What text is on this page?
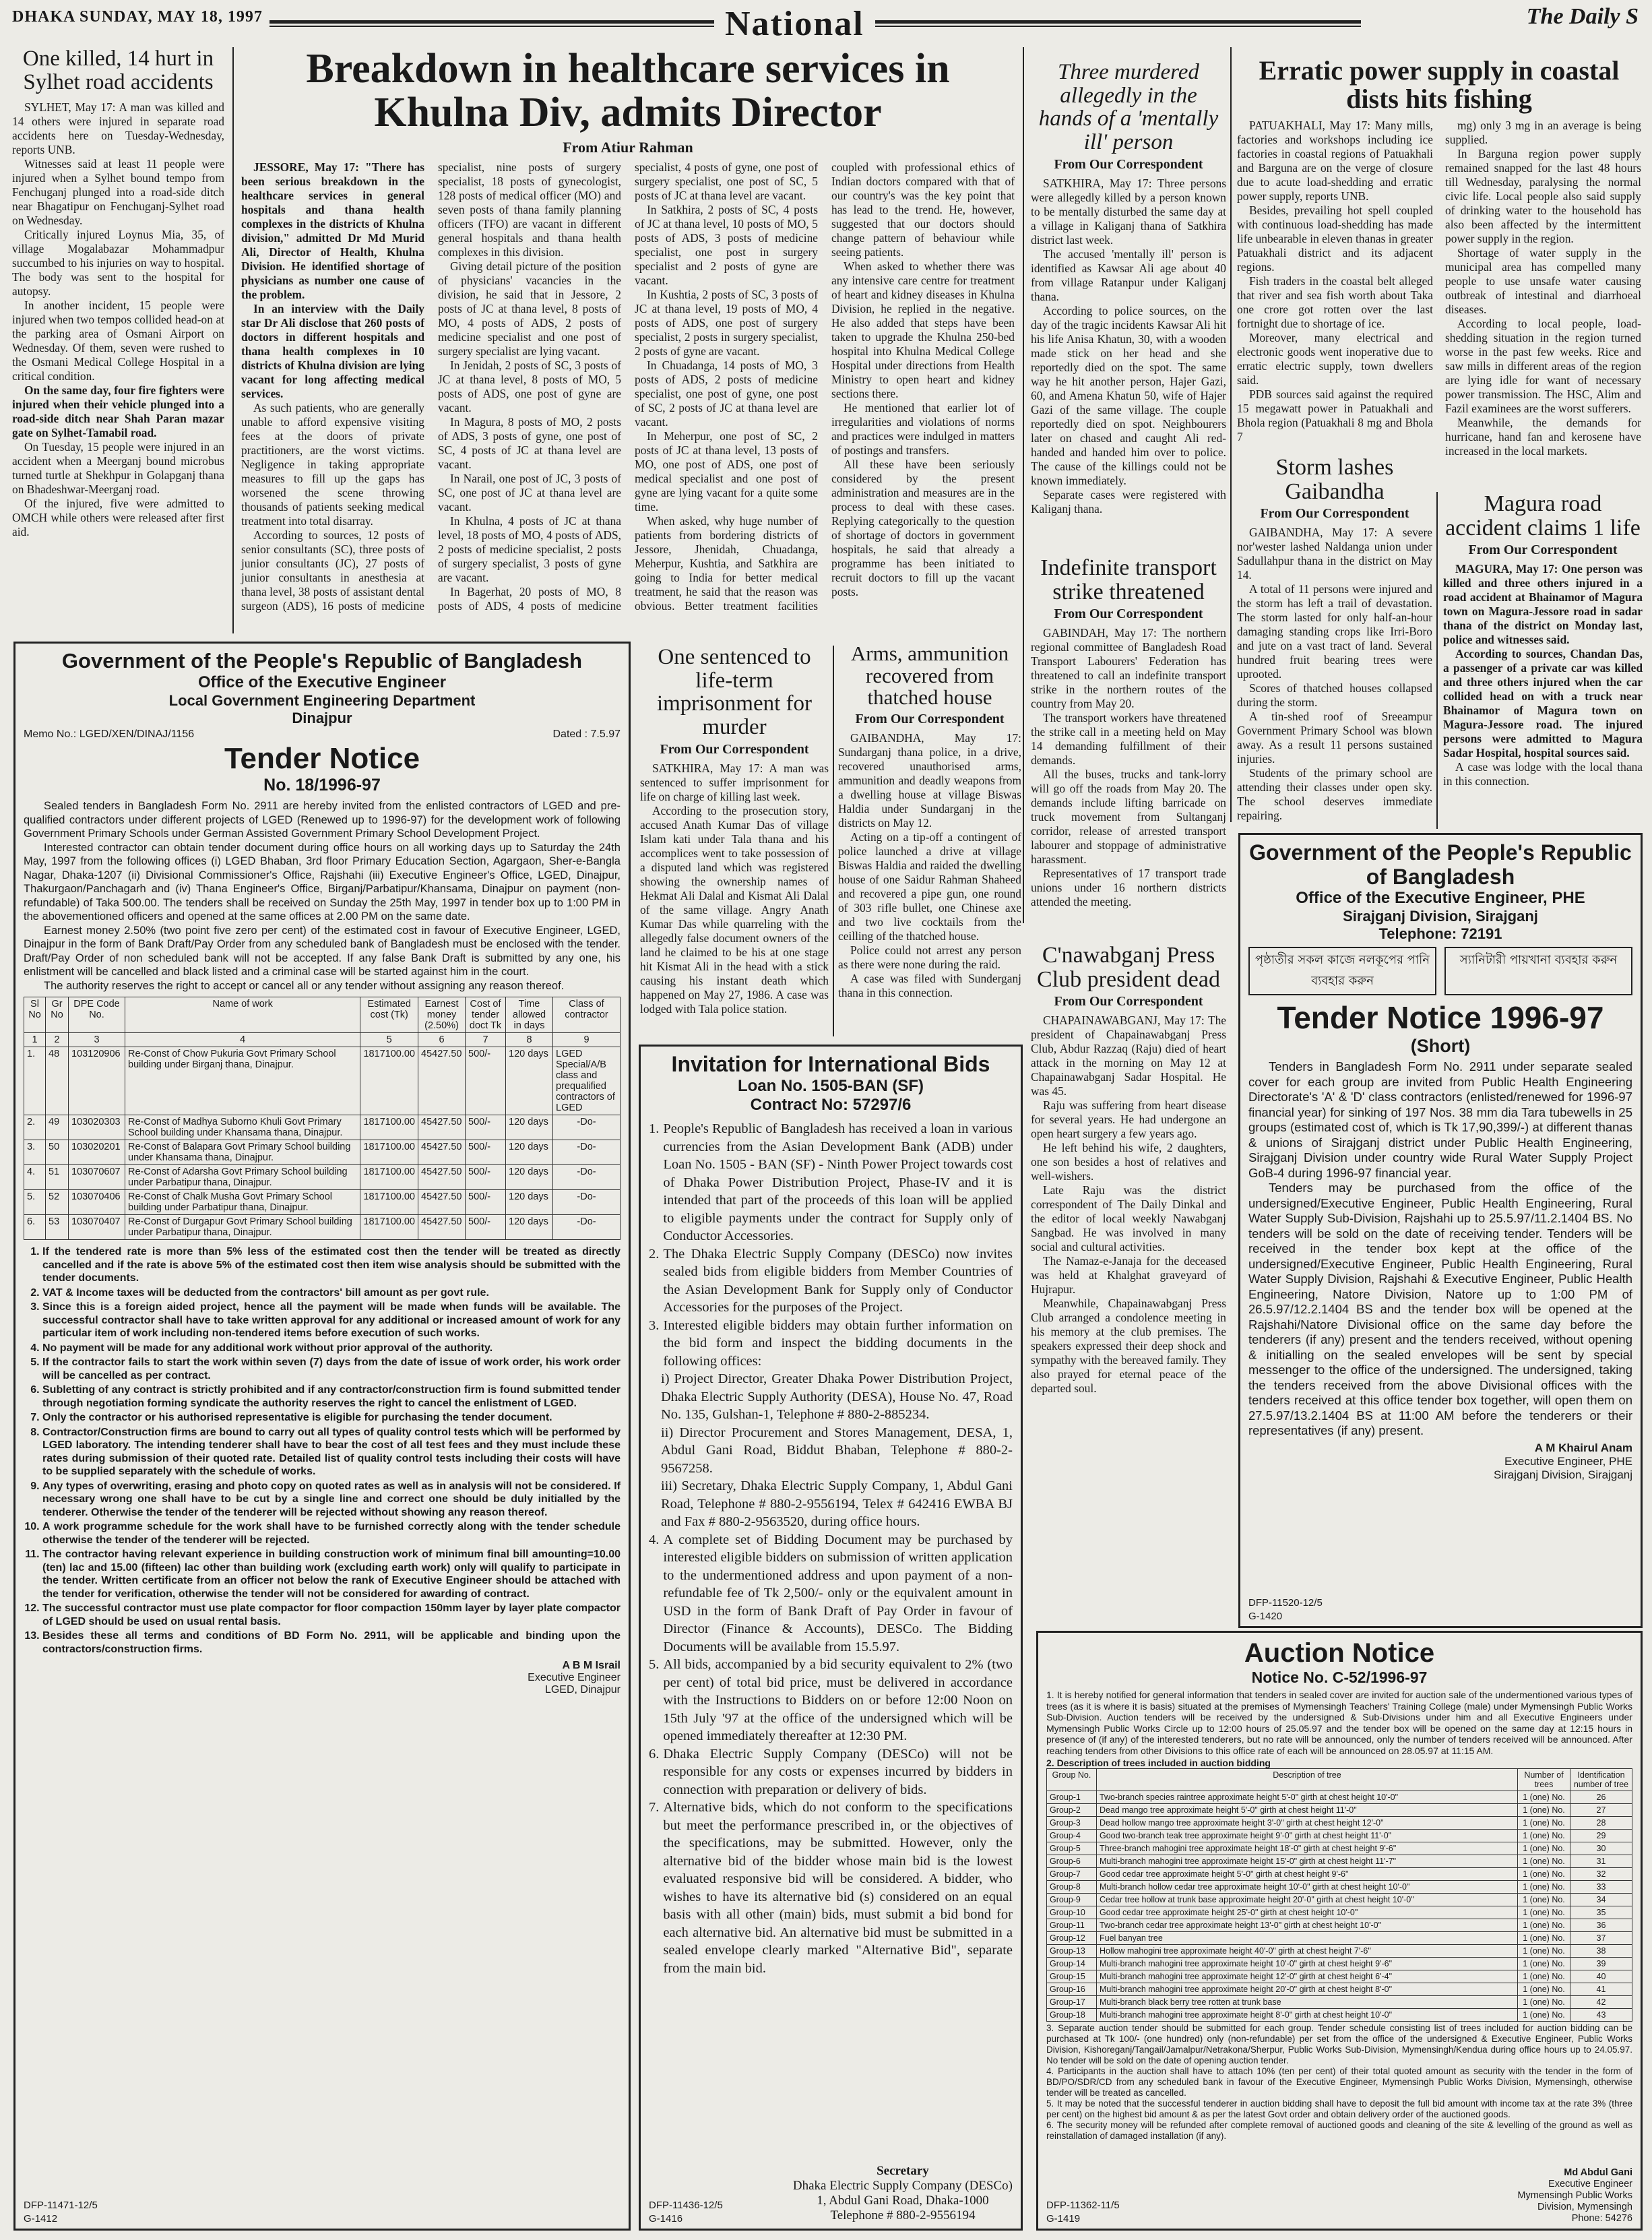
DHAKA SUNDAY, MAY 18, 1997	National	The Daily S
One killed, 14 hurt in Sylhet road accidents

SYLHET, May 17: A man was killed and 14 others were injured in separate road accidents here on Tuesday-Wednesday, reports UNB.

Witnesses said at least 11 people were injured when a Sylhet bound tempo from Fenchuganj plunged into a road-side ditch near Bhagatipur on Fenchuganj-Sylhet road on Wednesday.

Critically injured Loynus Mia, 35, of village Mogalabazar Mohammadpur succumbed to his injuries on way to hospital. The body was sent to the hospital for autopsy.

In another incident, 15 people were injured when two tempos collided head-on at the parking area of Osmani Airport on Wednesday. Of them, seven were rushed to the Osmani Medical College Hospital in a critical condition.

On the same day, four fire fighters were injured when their vehicle plunged into a road-side ditch near Shah Paran mazar gate on Sylhet-Tamabil road.

On Tuesday, 15 people were injured in an accident when a Meerganj bound microbus turned turtle at Shekhpur in Golapganj thana on Bhadeshwar-Meerganj road.

Of the injured, five were admitted to OMCH while others were released after first aid.

Breakdown in healthcare services in Khulna Div, admits Director
From Atiur Rahman

JESSORE, May 17: "There has been serious breakdown in the healthcare services in general hospitals and thana health complexes in the districts of Khulna division," admitted Dr Md Murid Ali, Director of Health, Khulna Division. He identified shortage of physicians as number one cause of the problem.

In an interview with the Daily star Dr Ali disclose that 260 posts of doctors in different hospitals and thana health complexes in 10 districts of Khulna division are lying vacant for long affecting medical services.

As such patients, who are generally unable to afford expensive visiting fees at the doors of private practitioners, are the worst victims. Negligence in taking appropriate measures to fill up the gaps has worsened the scene throwing thousands of patients seeking medical treatment into total disarray.

According to sources, 12 posts of senior consultants (SC), three posts of junior consultants (JC), 27 posts of junior consultants in anesthesia at thana level, 38 posts of assistant dental surgeon (ADS), 16 posts of medicine specialist, nine posts of surgery specialist, 18 posts of gynecologist, 128 posts of medical officer (MO) and seven posts of thana family planning officers (TFO) are vacant in different general hospitals and thana health complexes in this division.

Giving detail picture of the position of physicians' vacancies in the division, he said that in Jessore, 2 posts of JC at thana level, 8 posts of MO, 4 posts of ADS, 2 posts of medicine specialist and one post of surgery specialist are lying vacant.

In Jenidah, 2 posts of SC, 3 posts of JC at thana level, 8 posts of MO, 5 posts of ADS, one post of gyne are vacant.

In Magura, 8 posts of MO, 2 posts of ADS, 3 posts of gyne, one post of SC, 4 posts of JC at thana level are vacant.

In Narail, one post of JC, 3 posts of SC, one post of JC at thana level are vacant.

In Khulna, 4 posts of JC at thana level, 18 posts of MO, 4 posts of ADS, 2 posts of medicine specialist, 2 posts of surgery specialist, 3 posts of gyne are vacant.

In Bagerhat, 20 posts of MO, 8 posts of ADS, 4 posts of medicine specialist, 4 posts of gyne, one post of surgery specialist, one post of SC, 5 posts of JC at thana level are vacant.

In Satkhira, 2 posts of SC, 4 posts of JC at thana level, 10 posts of MO, 5 posts of ADS, 3 posts of medicine specialist, one post in surgery specialist and 2 posts of gyne are vacant.

In Kushtia, 2 posts of SC, 3 posts of JC at thana level, 19 posts of MO, 4 posts of ADS, one post of surgery specialist, 2 posts in surgery specialist, 2 posts of gyne are vacant.

In Chuadanga, 14 posts of MO, 3 posts of ADS, 2 posts of medicine specialist, one post of gyne, one post of SC, 2 posts of JC at thana level are vacant.

In Meherpur, one post of SC, 2 posts of JC at thana level, 13 posts of MO, one post of ADS, one post of medical specialist and one post of gyne are lying vacant for a quite some time.

When asked, why huge number of patients from bordering districts of Jessore, Jhenidah, Chuadanga, Meherpur, Kushtia, and Satkhira are going to India for better medical treatment, he said that the reason was obvious. Better treatment facilities coupled with professional ethics of Indian doctors compared with that of our country's was the key point that has lead to the trend. He, however, suggested that our doctors should change pattern of behaviour while seeing patients.

When asked to whether there was any intensive care centre for treatment of heart and kidney diseases in Khulna Division, he replied in the negative. He also added that steps have been taken to upgrade the Khulna 250-bed hospital into Khulna Medical College Hospital under directions from Health Ministry to open heart and kidney sections there.

He mentioned that earlier lot of irregularities and violations of norms and practices were indulged in matters of postings and transfers.

All these have been seriously considered by the present administration and measures are in the process to deal with these cases. Replying categorically to the question of shortage of doctors in government hospitals, he said that already a programme has been initiated to recruit doctors to fill up the vacant posts.

Three murdered allegedly in the hands of a 'mentally ill' person
From Our Correspondent

SATKHIRA, May 17: Three persons were allegedly killed by a person known to be mentally disturbed the same day at a village in Kaliganj thana of Satkhira district last week.

The accused 'mentally ill' person is identified as Kawsar Ali age about 40 from village Ratanpur under Kaliganj thana.

According to police sources, on the day of the tragic incidents Kawsar Ali hit his life Anisa Khatun, 30, with a wooden made stick on her head and she reportedly died on the spot. The same way he hit another person, Hajer Gazi, 60, and Amena Khatun 50, wife of Hajer Gazi of the same village. The couple reportedly died on spot. Neighbourers later on chased and caught Ali red-handed and handed him over to police. The cause of the killings could not be known immediately.

Separate cases were registered with Kaliganj thana.

Erratic power supply in coastal dists hits fishing

PATUAKHALI, May 17: Many mills, factories and workshops including ice factories in coastal regions of Patuakhali and Barguna are on the verge of closure due to acute load-shedding and erratic power supply, reports UNB.

Besides, prevailing hot spell coupled with continuous load-shedding has made life unbearable in eleven thanas in greater Patuakhali district and its adjacent regions.

Fish traders in the coastal belt alleged that river and sea fish worth about Taka one crore got rotten over the last fortnight due to shortage of ice.

Moreover, many electrical and electronic goods went inoperative due to erratic electric supply, town dwellers said.

PDB sources said against the required 15 megawatt power in Patuakhali and Bhola region (Patuakhali 8 mg and Bhola 7

mg) only 3 mg in an average is being supplied.

In Barguna region power supply remained snapped for the last 48 hours till Wednesday, paralysing the normal civic life. Local people also said supply of drinking water to the household has also been affected by the intermittent power supply in the region.

Shortage of water supply in the municipal area has compelled many people to use unsafe water causing outbreak of intestinal and diarrhoeal diseases.

According to local people, load-shedding situation in the region turned worse in the past few weeks. Rice and saw mills in different areas of the region are lying idle for want of necessary power transmission. The HSC, Alim and Fazil examinees are the worst sufferers.

Meanwhile, the demands for hurricane, hand fan and kerosene have increased in the local markets.

Storm lashes Gaibandha
From Our Correspondent

GAIBANDHA, May 17: A severe nor'wester lashed Naldanga union under Sadullahpur thana in the district on May 14.

A total of 11 persons were injured and the storm has left a trail of devastation. The storm lasted for only half-an-hour damaging standing crops like Irri-Boro and jute on a vast tract of land. Several hundred fruit bearing trees were uprooted.

Scores of thatched houses collapsed during the storm.

A tin-shed roof of Sreeampur Government Primary School was blown away. As a result 11 persons sustained injuries.

Students of the primary school are attending their classes under open sky. The school deserves immediate repairing.

Magura road accident claims 1 life
From Our Correspondent

MAGURA, May 17: One person was killed and three others injured in a road accident at Bhainamor of Magura town on Magura-Jessore road in sadar thana of the district on Monday last, police and witnesses said.

According to sources, Chandan Das, a passenger of a private car was killed and three others injured when the car collided head on with a truck near Bhainamor of Magura town on Magura-Jessore road. The injured persons were admitted to Magura Sadar Hospital, hospital sources said.

A case was lodge with the local thana in this connection.

Government of the People's Republic of Bangladesh
Office of the Executive Engineer
Local Government Engineering Department
Dinajpur
Memo No.: LGED/XEN/DINAJ/1156	Dated : 7.5.97
Tender Notice
No. 18/1996-97

Sealed tenders in Bangladesh Form No. 2911 are hereby invited from the enlisted contractors of LGED and pre-qualified contractors under different projects of LGED (Renewed up to 1996-97) for the development work of following Government Primary Schools under German Assisted Government Primary School Development Project.

Interested contractor can obtain tender document during office hours on all working days up to Saturday the 24th May, 1997 from the following offices (i) LGED Bhaban, 3rd floor Primary Education Section, Agargaon, Sher-e-Bangla Nagar, Dhaka-1207 (ii) Divisional Commissioner's Office, Rajshahi (iii) Executive Engineer's Office, LGED, Dinajpur, Thakurgaon/Panchagarh and (iv) Thana Engineer's Office, Birganj/Parbatipur/Khansama, Dinajpur on payment (non-refundable) of Taka 500.00. The tenders shall be received on Sunday the 25th May, 1997 in tender box up to 1:00 PM in the abovementioned officers and opened at the same offices at 2.00 PM on the same date.

Earnest money 2.50% (two point five zero per cent) of the estimated cost in favour of Executive Engineer, LGED, Dinajpur in the form of Bank Draft/Pay Order from any scheduled bank of Bangladesh must be enclosed with the tender. Draft/Pay Order of non scheduled bank will not be accepted. If any false Bank Draft is submitted by any one, his enlistment will be cancelled and black listed and a criminal case will be started against him in the court.

The authority reserves the right to accept or cancel all or any tender without assigning any reason thereof.

Sl No	Gr No	DPE Code No.	Name of work	Estimated cost (Tk)	Earnest money (2.50%)	Cost of tender doct Tk	Time allowed in days	Class of contractor
1	2	3	4	5	6	7	8	9
1.	48	103120906	Re-Const of Chow Pukuria Govt Primary School building under Birganj thana, Dinajpur.	1817100.00	45427.50	500/-	120 days	LGED Special/A/B class and prequalified contractors of LGED
2.	49	103020303	Re-Const of Madhya Suborno Khuli Govt Primary School building under Khansama thana, Dinajpur.	1817100.00	45427.50	500/-	120 days	-Do-
3.	50	103020201	Re-Const of Balapara Govt Primary School building under Khansama thana, Dinajpur.	1817100.00	45427.50	500/-	120 days	-Do-
4.	51	103070607	Re-Const of Adarsha Govt Primary School building under Parbatipur thana, Dinajpur.	1817100.00	45427.50	500/-	120 days	-Do-
5.	52	103070406	Re-Const of Chalk Musha Govt Primary School building under Parbatipur thana, Dinajpur.	1817100.00	45427.50	500/-	120 days	-Do-
6.	53	103070407	Re-Const of Durgapur Govt Primary School building under Parbatipur thana, Dinajpur.	1817100.00	45427.50	500/-	120 days	-Do-
1. If the tendered rate is more than 5% less of the estimated cost then the tender will be treated as directly cancelled and if the rate is above 5% of the estimated cost then item wise analysis should be submitted with the tender documents.
2. VAT & Income taxes will be deducted from the contractors' bill amount as per govt rule.
3. Since this is a foreign aided project, hence all the payment will be made when funds will be available. The successful contractor shall have to take written approval for any additional or increased amount of work for any particular item of work including non-tendered items before execution of such works.
4. No payment will be made for any additional work without prior approval of the authority.
5. If the contractor fails to start the work within seven (7) days from the date of issue of work order, his work order will be cancelled as per contract.
6. Subletting of any contract is strictly prohibited and if any contractor/construction firm is found submitted tender through negotiation forming syndicate the authority reserves the right to cancel the enlistment of LGED.
7. Only the contractor or his authorised representative is eligible for purchasing the tender document.
8. Contractor/Construction firms are bound to carry out all types of quality control tests which will be performed by LGED laboratory. The intending tenderer shall have to bear the cost of all test fees and they must include these rates during submission of their quoted rate. Detailed list of quality control tests including their costs will have to be supplied separately with the schedule of works.
9. Any types of overwriting, erasing and photo copy on quoted rates as well as in analysis will not be considered. If necessary wrong one shall have to be cut by a single line and correct one should be duly initialled by the tenderer. Otherwise the tender of the tenderer will be rejected without showing any reason thereof.
10. A work programme schedule for the work shall have to be furnished correctly along with the tender schedule otherwise the tender of the tenderer will be rejected.
11. The contractor having relevant experience in building construction work of minimum final bill amounting=10.00 (ten) lac and 15.00 (fifteen) lac other than building work (excluding earth work) only will qualify to participate in the tender. Written certificate from an officer not below the rank of Executive Engineer should be attached with the tender for verification, otherwise the tender will not be considered for awarding of contract.
12. The successful contractor must use plate compactor for floor compaction 150mm layer by layer plate compactor of LGED should be used on usual rental basis.
13. Besides these all terms and conditions of BD Form No. 2911, will be applicable and binding upon the contractors/construction firms.
A B M Israil
Executive Engineer
LGED, Dinajpur
DFP-11471-12/5
G-1412
One sentenced to life-term imprisonment for murder
From Our Correspondent

SATKHIRA, May 17: A man was sentenced to suffer imprisonment for life on charge of killing last week.

According to the prosecution story, accused Anath Kumar Das of village Islam kati under Tala thana and his accomplices went to take possession of a disputed land which was registered showing the ownership names of Hekmat Ali Dalal and Kismat Ali Dalal of the same village. Angry Anath Kumar Das while quarreling with the allegedly false document owners of the land he claimed to be his at one stage hit Kismat Ali in the head with a stick causing his instant death which happened on May 27, 1986. A case was lodged with Tala police station.

Arms, ammunition recovered from thatched house
From Our Correspondent

GAIBANDHA, May 17: Sundarganj thana police, in a drive, recovered unauthorised arms, ammunition and deadly weapons from a dwelling house at village Biswas Haldia under Sundarganj in the districts on May 12.

Acting on a tip-off a contingent of police launched a drive at village Biswas Haldia and raided the dwelling house of one Saidur Rahman Shaheed and recovered a pipe gun, one round of 303 rifle bullet, one Chinese axe and two live cocktails from the ceilling of the thatched house.

Police could not arrest any person as there were none during the raid.

A case was filed with Sunderganj thana in this connection.

Indefinite transport strike threatened
From Our Correspondent

GABINDAH, May 17: The northern regional committee of Bangladesh Road Transport Labourers' Federation has threatened to call an indefinite transport strike in the northern routes of the country from May 20.

The transport workers have threatened the strike call in a meeting held on May 14 demanding fulfillment of their demands.

All the buses, trucks and tank-lorry will go off the roads from May 20. The demands include lifting barricade on truck movement from Sultanganj corridor, release of arrested transport labourer and stoppage of administrative harassment.

Representatives of 17 transport trade unions under 16 northern districts attended the meeting.

C'nawabganj Press Club president dead
From Our Correspondent

CHAPAINAWABGANJ, May 17: The president of Chapainawabganj Press Club, Abdur Razzaq (Raju) died of heart attack in the morning on May 12 at Chapainawabganj Sadar Hospital. He was 45.

Raju was suffering from heart disease for several years. He had undergone an open heart surgery a few years ago.

He left behind his wife, 2 daughters, one son besides a host of relatives and well-wishers.

Late Raju was the district correspondent of The Daily Dinkal and the editor of local weekly Nawabganj Sangbad. He was involved in many social and cultural activities.

The Namaz-e-Janaja for the deceased was held at Khalghat graveyard of Hujrapur.

Meanwhile, Chapainawabganj Press Club arranged a condolence meeting in his memory at the club premises. The speakers expressed their deep shock and sympathy with the bereaved family. They also prayed for eternal peace of the departed soul.

Invitation for International Bids
Loan No. 1505-BAN (SF)
Contract No: 57297/6
1. People's Republic of Bangladesh has received a loan in various currencies from the Asian Development Bank (ADB) under Loan No. 1505 - BAN (SF) - Ninth Power Project towards cost of Dhaka Power Distribution Project, Phase-IV and it is intended that part of the proceeds of this loan will be applied to eligible payments under the contract for Supply only of Conductor Accessories.
2. The Dhaka Electric Supply Company (DESCo) now invites sealed bids from eligible bidders from Member Countries of the Asian Development Bank for Supply only of Conductor Accessories for the purposes of the Project.
3. Interested eligible bidders may obtain further information on the bid form and inspect the bidding documents in the following offices:
i) Project Director, Greater Dhaka Power Distribution Project, Dhaka Electric Supply Authority (DESA), House No. 47, Road No. 135, Gulshan-1, Telephone # 880-2-885234.
ii) Director Procurement and Stores Management, DESA, 1, Abdul Gani Road, Biddut Bhaban, Telephone # 880-2-9567258.
iii) Secretary, Dhaka Electric Supply Company, 1, Abdul Gani Road, Telephone # 880-2-9556194, Telex # 642416 EWBA BJ and Fax # 880-2-9563520, during office hours.
4. A complete set of Bidding Document may be purchased by interested eligible bidders on submission of written application to the undermentioned address and upon payment of a non-refundable fee of Tk 2,500/- only or the equivalent amount in USD in the form of Bank Draft of Pay Order in favour of Director (Finance & Accounts), DESCo. The Bidding Documents will be available from 15.5.97.
5. All bids, accompanied by a bid security equivalent to 2% (two per cent) of total bid price, must be delivered in accordance with the Instructions to Bidders on or before 12:00 Noon on 15th July '97 at the office of the undersigned which will be opened immediately thereafter at 12:30 PM.
6. Dhaka Electric Supply Company (DESCo) will not be responsible for any costs or expenses incurred by bidders in connection with preparation or delivery of bids.
7. Alternative bids, which do not conform to the specifications but meet the performance prescribed in, or the objectives of the specifications, may be submitted. However, only the alternative bid of the bidder whose main bid is the lowest evaluated responsive bid will be considered. A bidder, who wishes to have its alternative bid (s) considered on an equal basis with all other (main) bids, must submit a bid bond for each alternative bid. An alternative bid must be submitted in a sealed envelope clearly marked "Alternative Bid", separate from the main bid.
Secretary
Dhaka Electric Supply Company (DESCo)
1, Abdul Gani Road, Dhaka-1000
Telephone # 880-2-9556194
DFP-11436-12/5
G-1416
Government of the People's Republic of Bangladesh
Office of the Executive Engineer, PHE
Sirajganj Division, Sirajganj
Telephone: 72191
পৃষ্ঠাতীর সকল কাজে নলকূপের পানি ব্যবহার করুন
স্যানিটারী পায়খানা ব্যবহার করুন
Tender Notice 1996-97
(Short)

Tenders in Bangladesh Form No. 2911 under separate sealed cover for each group are invited from Public Health Engineering Directorate's 'A' & 'D' class contractors (enlisted/renewed for 1996-97 financial year) for sinking of 197 Nos. 38 mm dia Tara tubewells in 25 groups (estimated cost of, which is Tk 17,90,399/-) at different thanas & unions of Sirajganj district under Public Health Engineering, Sirajganj Division under country wide Rural Water Supply Project GoB-4 during 1996-97 financial year.

Tenders may be purchased from the office of the undersigned/Executive Engineer, Public Health Engineering, Rural Water Supply Sub-Division, Rajshahi up to 25.5.97/11.2.1404 BS. No tenders will be sold on the date of receiving tender. Tenders will be received in the tender box kept at the office of the undersigned/Executive Engineer, Public Health Engineering, Rural Water Supply Division, Rajshahi & Executive Engineer, Public Health Engineering, Natore Division, Natore up to 1:00 PM of 26.5.97/12.2.1404 BS and the tender box will be opened at the Rajshahi/Natore Divisional office on the same day before the tenderers (if any) present and the tenders received, without opening & initialling on the sealed envelopes will be sent by special messenger to the office of the undersigned. The undersigned, taking the tenders received from the above Divisional offices with the tenders received at this office tender box together, will open them on 27.5.97/13.2.1404 BS at 11:00 AM before the tenderers or their representatives (if any) present.

A M Khairul Anam
Executive Engineer, PHE
Sirajganj Division, Sirajganj
DFP-11520-12/5
G-1420
Auction Notice
Notice No. C-52/1996-97
1. It is hereby notified for general information that tenders in sealed cover are invited for auction sale of the undermentioned various types of trees (as it is where it is basis) situated at the premises of Mymensingh Teachers' Training College (male) under Mymensingh Public Works Sub-Division. Auction tenders will be received by the undersigned & Sub-Divisions under him and all Executive Engineers under Mymensingh Public Works Circle up to 12:00 hours of 25.05.97 and the tender box will be opened on the same day at 12:15 hours in presence of (if any) of the interested tenderers, but no rate will be announced, only the number of tenders received will be announced. After reaching tenders from other Divisions to this office rate of each will be announced on 28.05.97 at 11:15 AM.
2. Description of trees included in auction bidding
Group No.	Description of tree	Number of trees	Identification number of tree
Group-1	Two-branch species raintree approximate height 5'-0" girth at chest height 10'-0"	1 (one) No.	26
Group-2	Dead mango tree approximate height 5'-0" girth at chest height 11'-0"	1 (one) No.	27
Group-3	Dead hollow mango tree approximate height 3'-0" girth at chest height 12'-0"	1 (one) No.	28
Group-4	Good two-branch teak tree approximate height 9'-0" girth at chest height 11'-0"	1 (one) No.	29
Group-5	Three-branch mahogini tree approximate height 18'-0" girth at chest height 9'-6"	1 (one) No.	30
Group-6	Multi-branch mahogini tree approximate height 15'-0" girth at chest height 11'-7"	1 (one) No.	31
Group-7	Good cedar tree approximate height 5'-0" girth at chest height 9'-6"	1 (one) No.	32
Group-8	Multi-branch hollow cedar tree approximate height 10'-0" girth at chest height 10'-0"	1 (one) No.	33
Group-9	Cedar tree hollow at trunk base approximate height 20'-0" girth at chest height 10'-0"	1 (one) No.	34
Group-10	Good cedar tree approximate height 25'-0" girth at chest height 10'-0"	1 (one) No.	35
Group-11	Two-branch cedar tree approximate height 13'-0" girth at chest height 10'-0"	1 (one) No.	36
Group-12	Fuel banyan tree	1 (one) No.	37
Group-13	Hollow mahogini tree approximate height 40'-0" girth at chest height 7'-6"	1 (one) No.	38
Group-14	Multi-branch mahogini tree approximate height 10'-0" girth at chest height 9'-6"	1 (one) No.	39
Group-15	Multi-branch mahogini tree approximate height 12'-0" girth at chest height 6'-4"	1 (one) No.	40
Group-16	Multi-branch mahogini tree approximate height 20'-0" girth at chest height 8'-0"	1 (one) No.	41
Group-17	Multi-branch black berry tree rotten at trunk base	1 (one) No.	42
Group-18	Multi-branch mahogini tree approximate height 8'-0" girth at chest height 10'-0"	1 (one) No.	43
3. Separate auction tender should be submitted for each group. Tender schedule consisting list of trees included for auction bidding can be purchased at Tk 100/- (one hundred) only (non-refundable) per set from the office of the undersigned & Executive Engineer, Public Works Division, Kishoreganj/Tangail/Jamalpur/Netrakona/Sherpur, Public Works Sub-Division, Mymensingh/Kendua during office hours up to 24.05.97. No tender will be sold on the date of opening auction tender.
4. Participants in the auction shall have to attach 10% (ten per cent) of their total quoted amount as security with the tender in the form of BD/PO/SDR/CD from any scheduled bank in favour of the Executive Engineer, Mymensingh Public Works Division, Mymensingh, otherwise tender will be treated as cancelled.
5. It may be noted that the successful tenderer in auction bidding shall have to deposit the full bid amount with income tax at the rate 3% (three per cent) on the highest bid amount & as per the latest Govt order and obtain delivery order of the auctioned goods.
6. The security money will be refunded after complete removal of auctioned goods and cleaning of the site & levelling of the ground as well as reinstallation of damaged installation (if any).
Md Abdul Gani
Executive Engineer
Mymensingh Public Works
Division, Mymensingh
Phone: 54276
DFP-11362-11/5
G-1419
